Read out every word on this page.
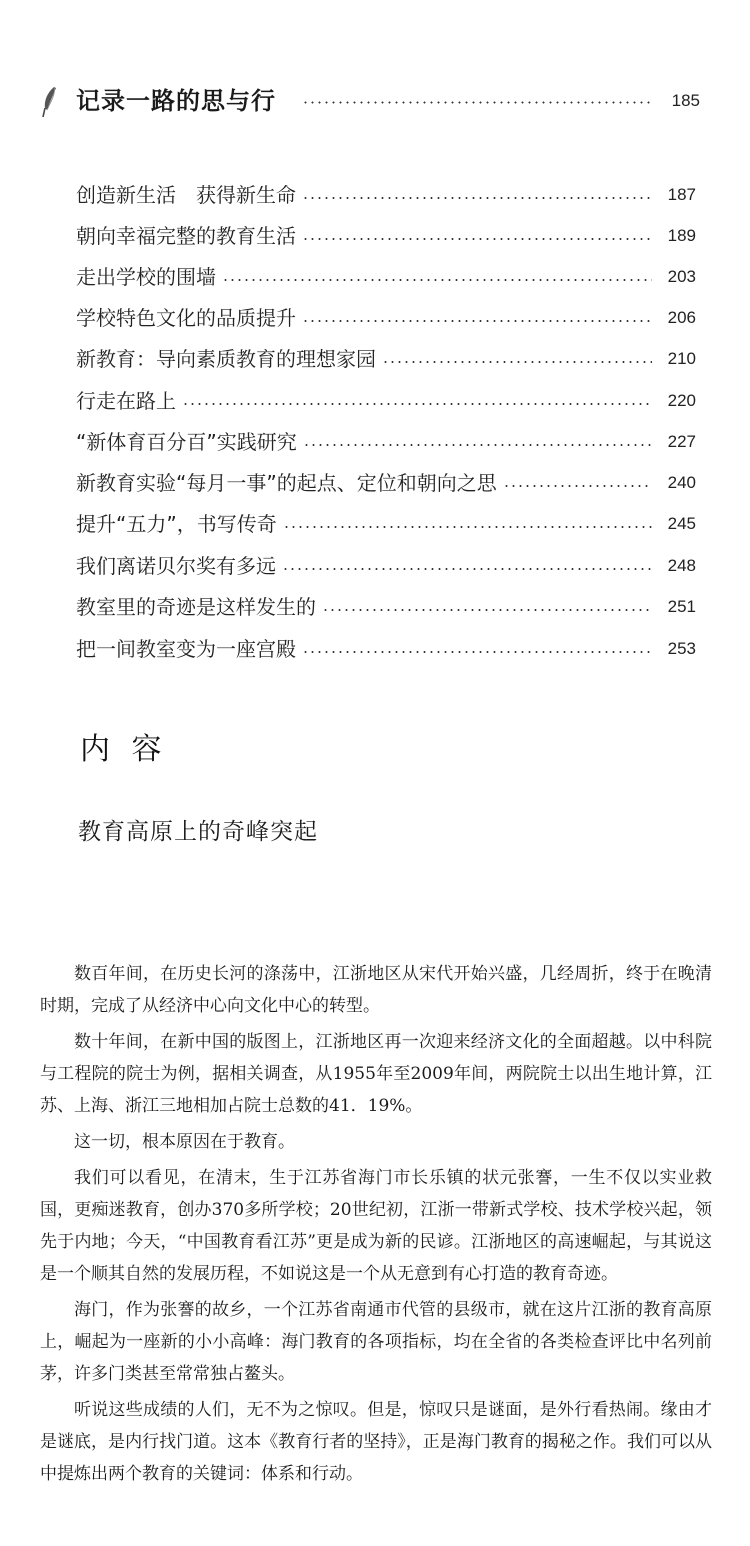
记录一路的思与行	185
创造新生活　获得新生命	187
朝向幸福完整的教育生活	189
走出学校的围墙	203
学校特色文化的品质提升	206
新教育：导向素质教育的理想家园	210
行走在路上	220
“新体育百分百”实践研究	227
新教育实验“每月一事”的起点、定位和朝向之思	240
提升“五力”，书写传奇	245
我们离诺贝尔奖有多远	248
教室里的奇迹是这样发生的	251
把一间教室变为一座宫殿	253
内 容
教育高原上的奇峰突起

数百年间，在历史长河的涤荡中，江浙地区从宋代开始兴盛，几经周折，终于在晚清时期，完成了从经济中心向文化中心的转型。

数十年间，在新中国的版图上，江浙地区再一次迎来经济文化的全面超越。以中科院与工程院的院士为例，据相关调查，从1955年至2009年间，两院院士以出生地计算，江苏、上海、浙江三地相加占院士总数的41．19%。

这一切，根本原因在于教育。

我们可以看见，在清末，生于江苏省海门市长乐镇的状元张謇，一生不仅以实业救国，更痴迷教育，创办370多所学校；20世纪初，江浙一带新式学校、技术学校兴起，领先于内地；今天，“中国教育看江苏”更是成为新的民谚。江浙地区的高速崛起，与其说这是一个顺其自然的发展历程，不如说这是一个从无意到有心打造的教育奇迹。

海门，作为张謇的故乡，一个江苏省南通市代管的县级市，就在这片江浙的教育高原上，崛起为一座新的小小高峰：海门教育的各项指标，均在全省的各类检查评比中名列前茅，许多门类甚至常常独占鳌头。

听说这些成绩的人们，无不为之惊叹。但是，惊叹只是谜面，是外行看热闹。缘由才是谜底，是内行找门道。这本《教育行者的坚持》，正是海门教育的揭秘之作。我们可以从中提炼出两个教育的关键词：体系和行动。
